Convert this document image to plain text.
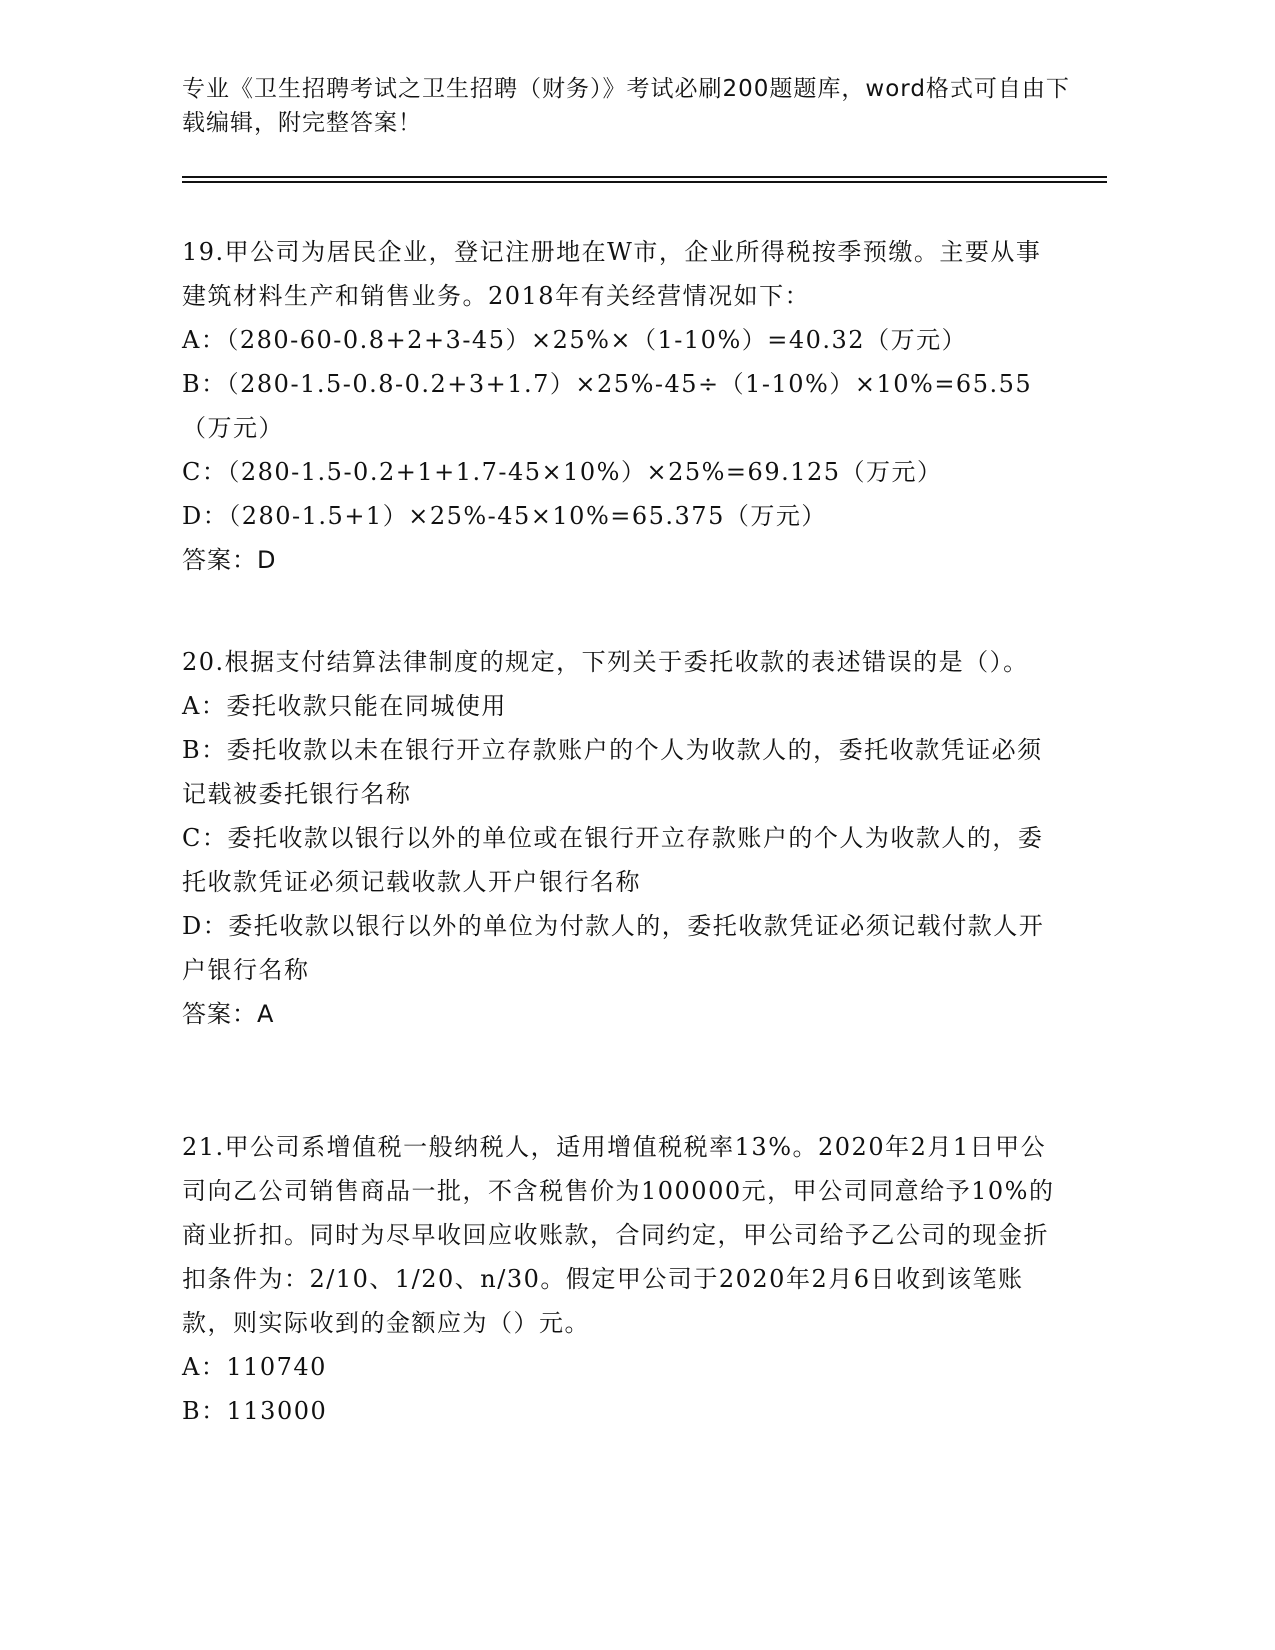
专业《卫生招聘考试之卫生招聘（财务）》考试必刷200题题库，word格式可自由下载编辑，附完整答案！

19.甲公司为居民企业，登记注册地在W市，企业所得税按季预缴。主要从事建筑材料生产和销售业务。2018年有关经营情况如下：

A：（280-60-0.8+2+3-45）×25%×（1-10%）=40.32（万元）

B：（280-1.5-0.8-0.2+3+1.7）×25%-45÷（1-10%）×10%=65.55（万元）

C：（280-1.5-0.2+1+1.7-45×10%）×25%=69.125（万元）

D：（280-1.5+1）×25%-45×10%=65.375（万元）

答案：D

20.根据支付结算法律制度的规定，下列关于委托收款的表述错误的是（）。

A：委托收款只能在同城使用

B：委托收款以未在银行开立存款账户的个人为收款人的，委托收款凭证必须记载被委托银行名称

C：委托收款以银行以外的单位或在银行开立存款账户的个人为收款人的，委托收款凭证必须记载收款人开户银行名称

D：委托收款以银行以外的单位为付款人的，委托收款凭证必须记载付款人开户银行名称

答案：A

21.甲公司系增值税一般纳税人，适用增值税税率13%。2020年2月1日甲公司向乙公司销售商品一批，不含税售价为100000元，甲公司同意给予10%的商业折扣。同时为尽早收回应收账款，合同约定，甲公司给予乙公司的现金折扣条件为：2/10、1/20、n/30。假定甲公司于2020年2月6日收到该笔账款，则实际收到的金额应为（）元。

A：110740

B：113000
